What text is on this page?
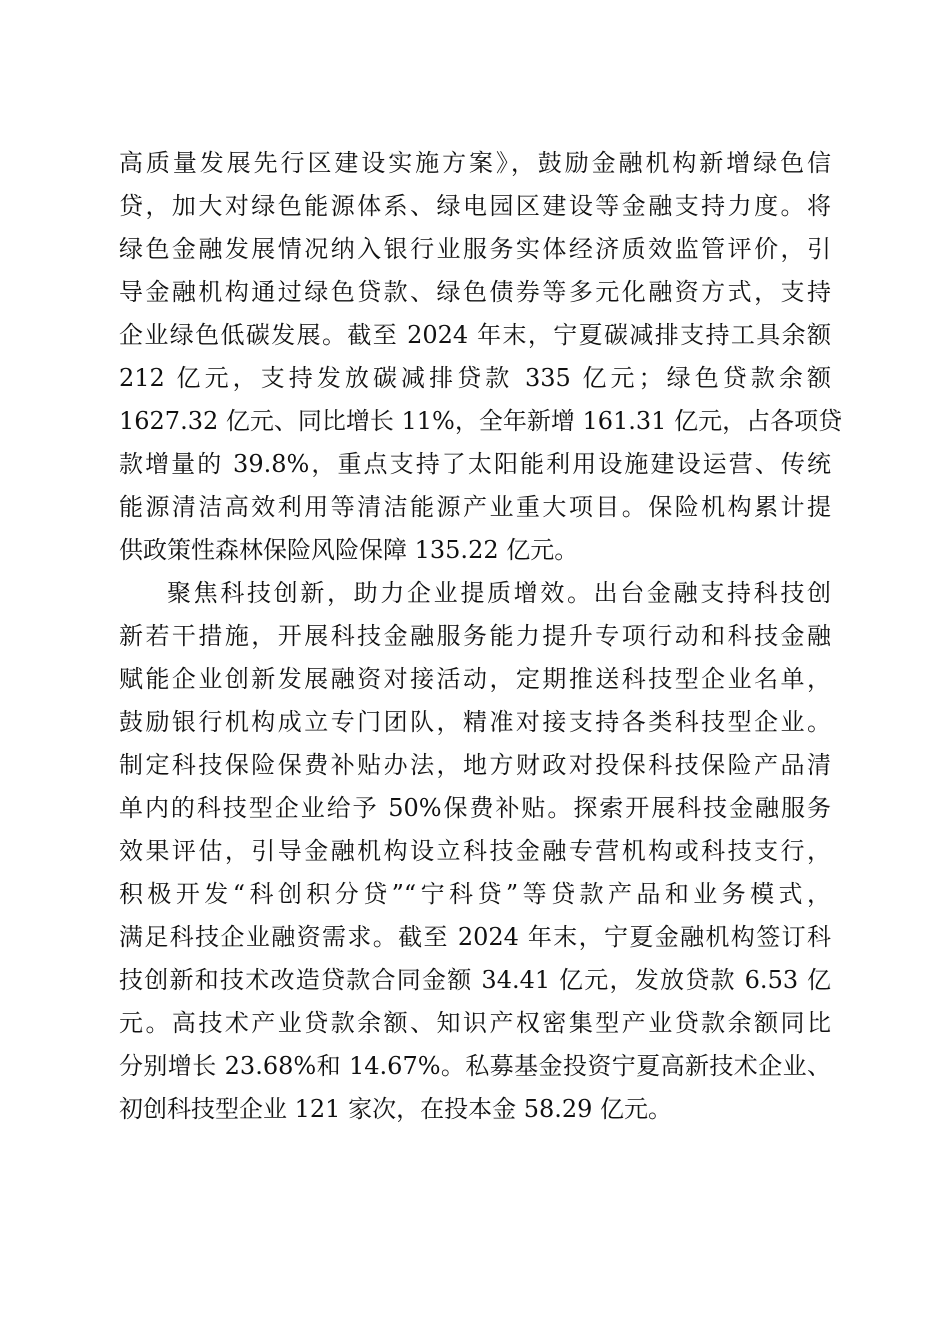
高质量发展先行区建设实施方案》，鼓励金融机构新增绿色信
贷，加大对绿色能源体系、绿电园区建设等金融支持力度。将
绿色金融发展情况纳入银行业服务实体经济质效监管评价，引
导金融机构通过绿色贷款、绿色债券等多元化融资方式，支持
企业绿色低碳发展。截至 2024 年末，宁夏碳减排支持工具余额
212 亿元，支持发放碳减排贷款 335 亿元；绿色贷款余额
1627.32 亿元、同比增长 11%，全年新增 161.31 亿元，占各项贷
款增量的 39.8%，重点支持了太阳能利用设施建设运营、传统
能源清洁高效利用等清洁能源产业重大项目。保险机构累计提
供政策性森林保险风险保障 135.22 亿元。
聚焦科技创新，助力企业提质增效。出台金融支持科技创
新若干措施，开展科技金融服务能力提升专项行动和科技金融
赋能企业创新发展融资对接活动，定期推送科技型企业名单，
鼓励银行机构成立专门团队，精准对接支持各类科技型企业。
制定科技保险保费补贴办法，地方财政对投保科技保险产品清
单内的科技型企业给予 50%保费补贴。探索开展科技金融服务
效果评估，引导金融机构设立科技金融专营机构或科技支行，
积极开发“科创积分贷”“宁科贷”等贷款产品和业务模式，
满足科技企业融资需求。截至 2024 年末，宁夏金融机构签订科
技创新和技术改造贷款合同金额 34.41 亿元，发放贷款 6.53 亿
元。高技术产业贷款余额、知识产权密集型产业贷款余额同比
分别增长 23.68%和 14.67%。私募基金投资宁夏高新技术企业、
初创科技型企业 121 家次，在投本金 58.29 亿元。
